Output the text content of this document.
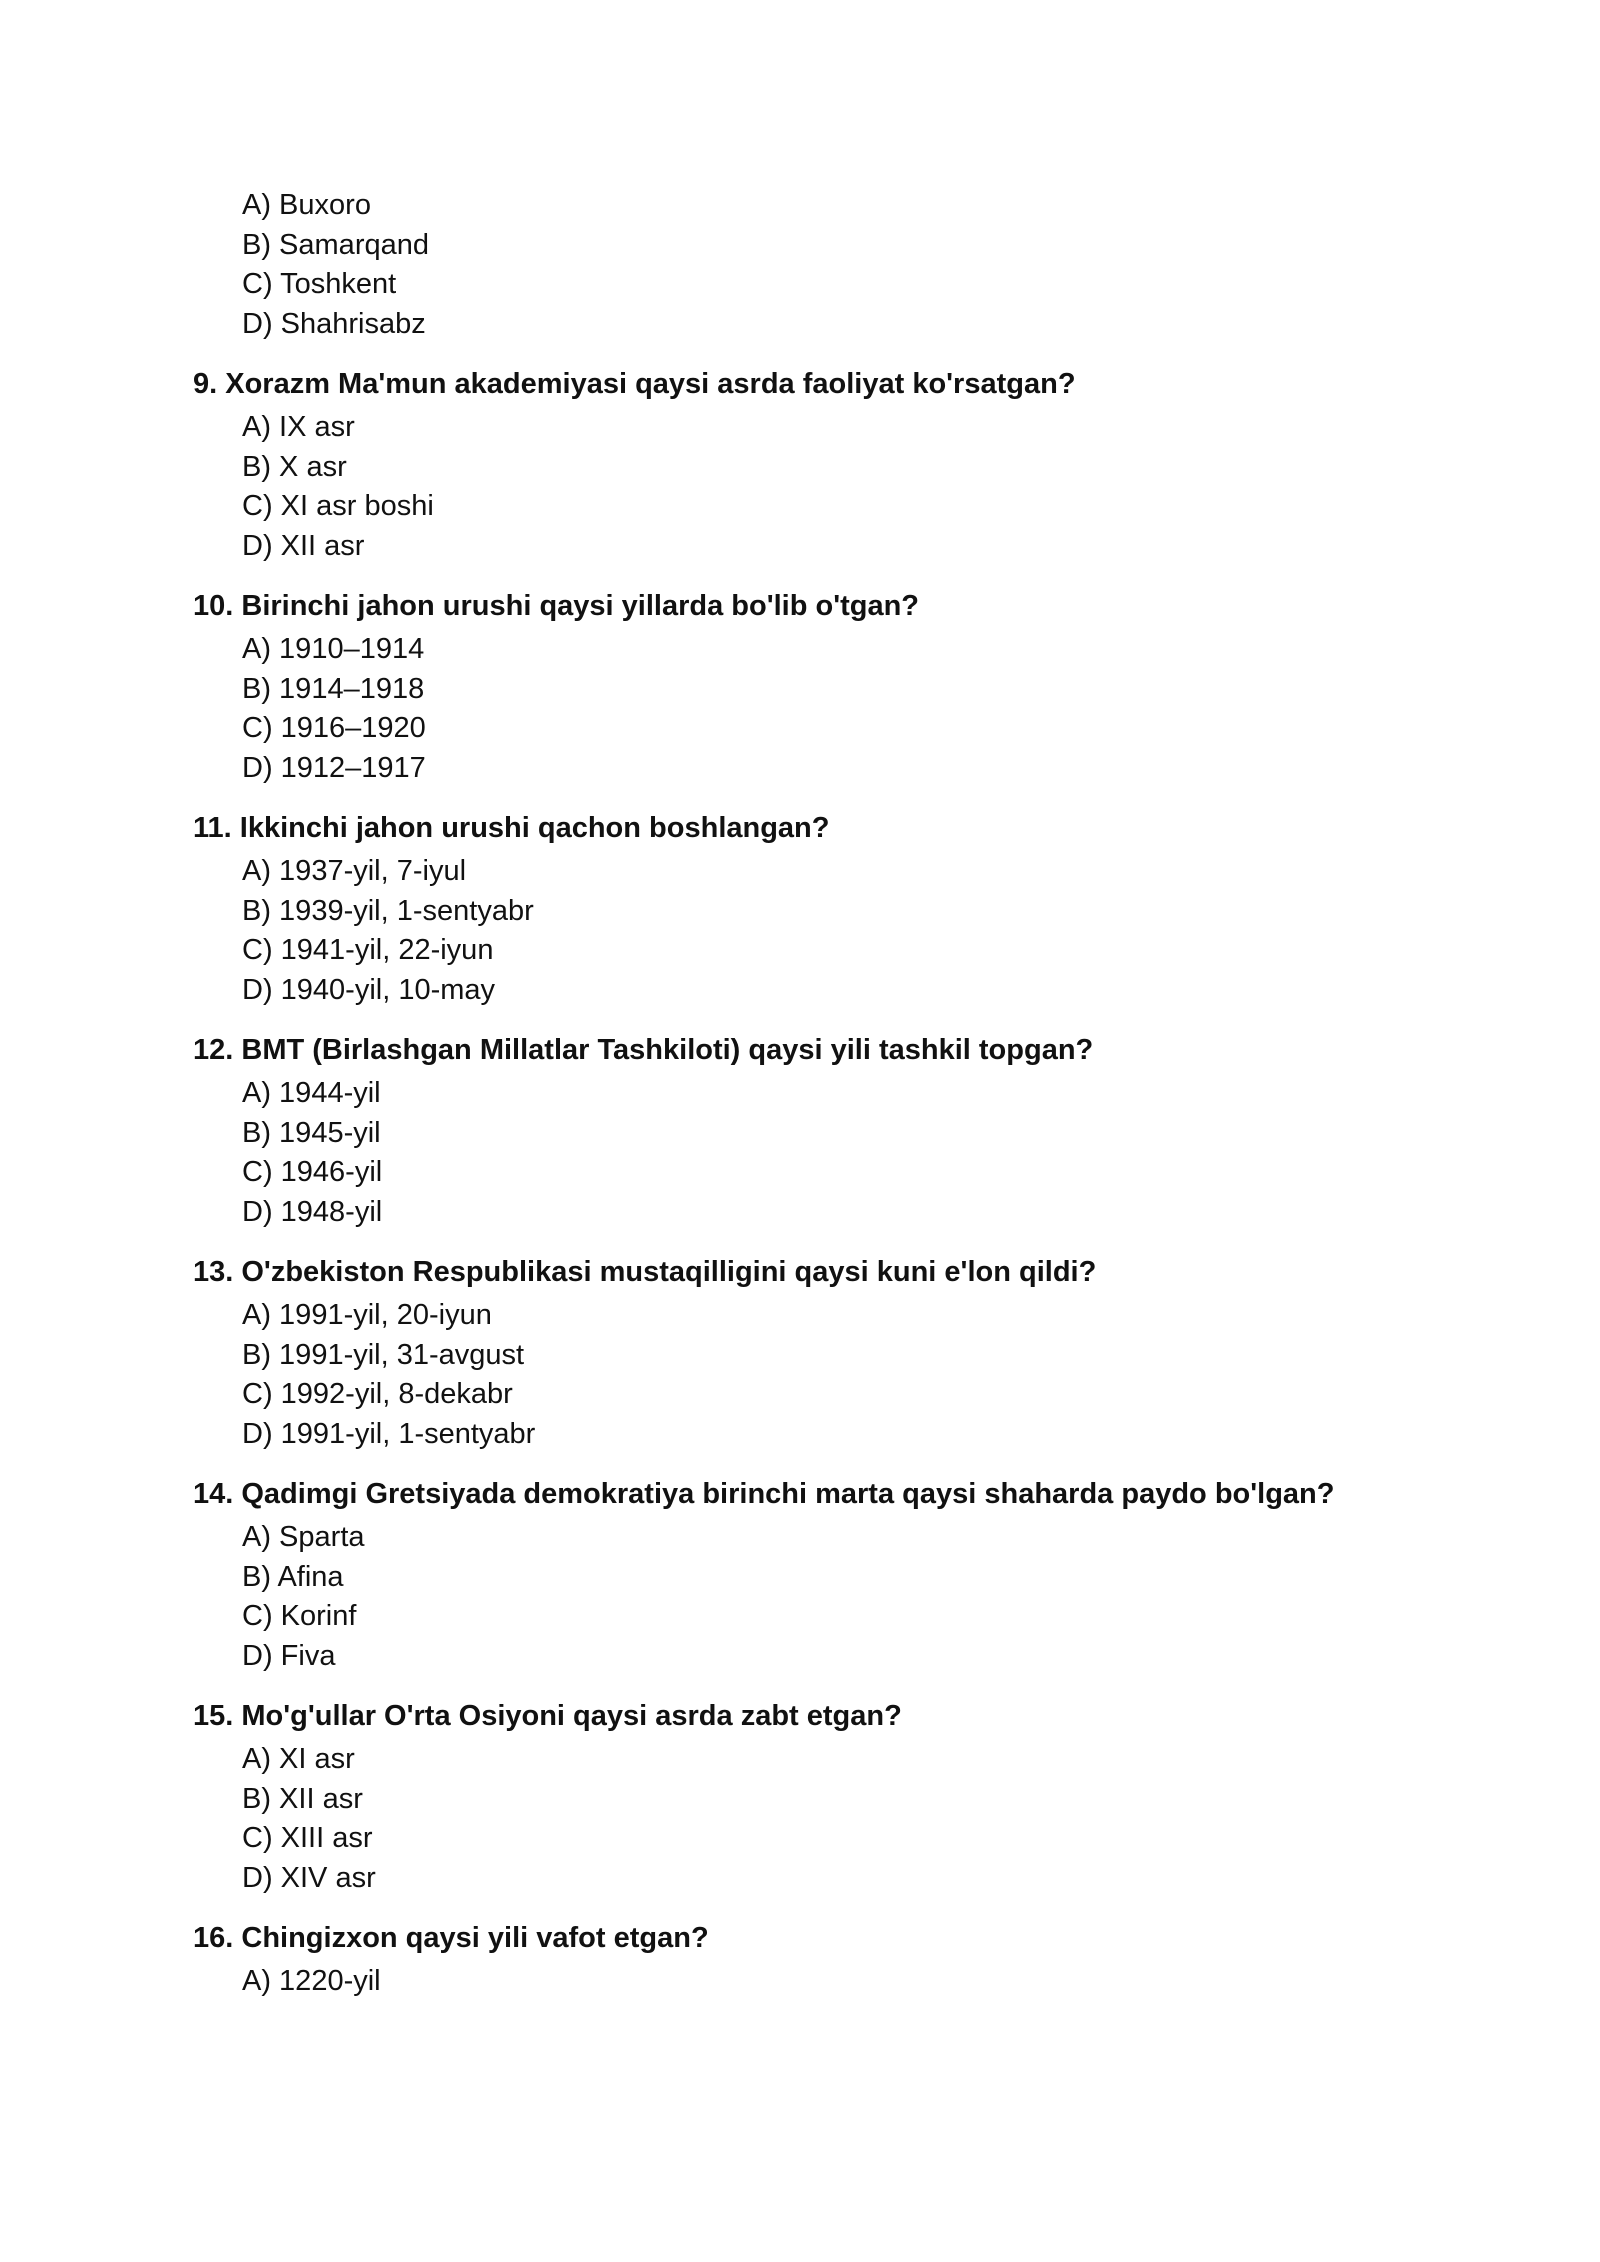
A) Buxoro
B) Samarqand
C) Toshkent
D) Shahrisabz
9. Xorazm Ma'mun akademiyasi qaysi asrda faoliyat ko'rsatgan?
A) IX asr
B) X asr
C) XI asr boshi
D) XII asr
10. Birinchi jahon urushi qaysi yillarda bo'lib o'tgan?
A) 1910–1914
B) 1914–1918
C) 1916–1920
D) 1912–1917
11. Ikkinchi jahon urushi qachon boshlangan?
A) 1937-yil, 7-iyul
B) 1939-yil, 1-sentyabr
C) 1941-yil, 22-iyun
D) 1940-yil, 10-may
12. BMT (Birlashgan Millatlar Tashkiloti) qaysi yili tashkil topgan?
A) 1944-yil
B) 1945-yil
C) 1946-yil
D) 1948-yil
13. O'zbekiston Respublikasi mustaqilligini qaysi kuni e'lon qildi?
A) 1991-yil, 20-iyun
B) 1991-yil, 31-avgust
C) 1992-yil, 8-dekabr
D) 1991-yil, 1-sentyabr
14. Qadimgi Gretsiyada demokratiya birinchi marta qaysi shaharda paydo bo'lgan?
A) Sparta
B) Afina
C) Korinf
D) Fiva
15. Mo'g'ullar O'rta Osiyoni qaysi asrda zabt etgan?
A) XI asr
B) XII asr
C) XIII asr
D) XIV asr
16. Chingizxon qaysi yili vafot etgan?
A) 1220-yil
